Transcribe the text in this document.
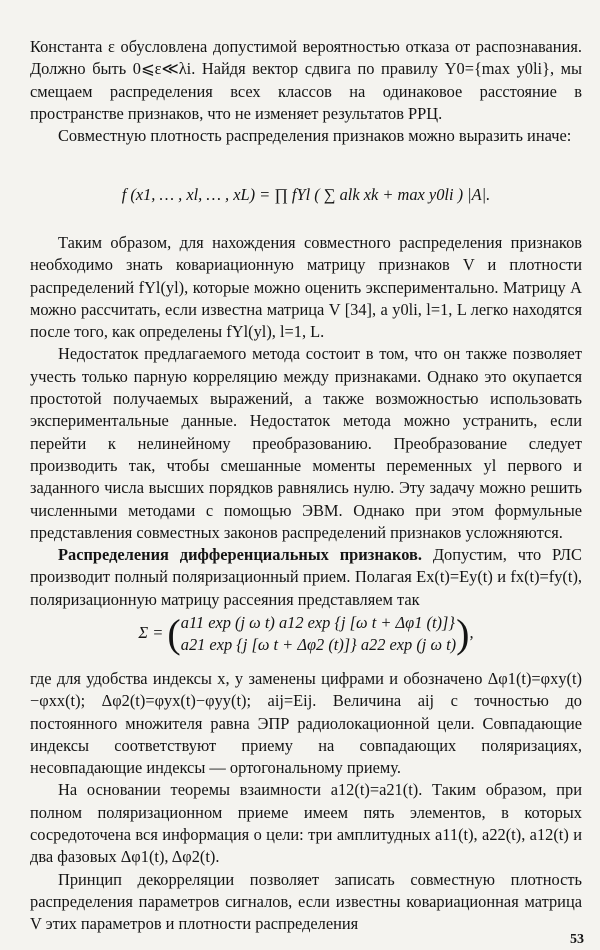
Константа ε обусловлена допустимой вероятностью отказа от распознавания. Должно быть 0⩽ε≪λi. Найдя вектор сдвига по правилу Y0={max y0li}, мы смещаем распределения всех классов на одинаковое расстояние в пространстве признаков, что не изменяет результатов РРЦ.

Совместную плотность распределения признаков можно выразить иначе:

f (x1, … , xl, … , xL) = ∏ fYl ( ∑ alk xk + max y0li ) |A|.

Таким образом, для нахождения совместного распределения признаков необходимо знать ковариационную матрицу признаков V и плотности распределений fYl(yl), которые можно оценить экспериментально. Матрицу A можно рассчитать, если известна матрица V [34], а y0li, l=1, L легко находятся после того, как определены fYl(yl), l=1, L.

Недостаток предлагаемого метода состоит в том, что он также позволяет учесть только парную корреляцию между признаками. Однако это окупается простотой получаемых выражений, а также возможностью использовать экспериментальные данные. Недостаток метода можно устранить, если перейти к нелинейному преобразованию. Преобразование следует производить так, чтобы смешанные моменты переменных yl первого и заданного числа высших порядков равнялись нулю. Эту задачу можно решить численными методами с помощью ЭВМ. Однако при этом формульные представления совместных законов распределений признаков усложняются.

Распределения дифференциальных признаков. Допустим, что РЛС производит полный поляризационный прием. Полагая Ex(t)=Ey(t) и fx(t)=fy(t), поляризационную матрицу рассеяния представляем так

Σ = (a11 exp (j ω t) a12 exp {j [ω t + Δφ1 (t)]}
a21 exp {j [ω t + Δφ2 (t)]} a22 exp (j ω t)),

где для удобства индексы x, y заменены цифрами и обозначено Δφ1(t)=φxy(t)−φxx(t); Δφ2(t)=φyx(t)−φyy(t); aij=Eij. Величина aij с точностью до постоянного множителя равна ЭПР радиолокационной цели. Совпадающие индексы соответствуют приему на совпадающих поляризациях, несовпадающие индексы — ортогональному приему.

На основании теоремы взаимности a12(t)=a21(t). Таким образом, при полном поляризационном приеме имеем пять элементов, в которых сосредоточена вся информация о цели: три амплитудных a11(t), a22(t), a12(t) и два фазовых Δφ1(t), Δφ2(t).

Принцип декорреляции позволяет записать совместную плотность распределения параметров сигналов, если известны ковариационная матрица V этих параметров и плотности распределения

53
